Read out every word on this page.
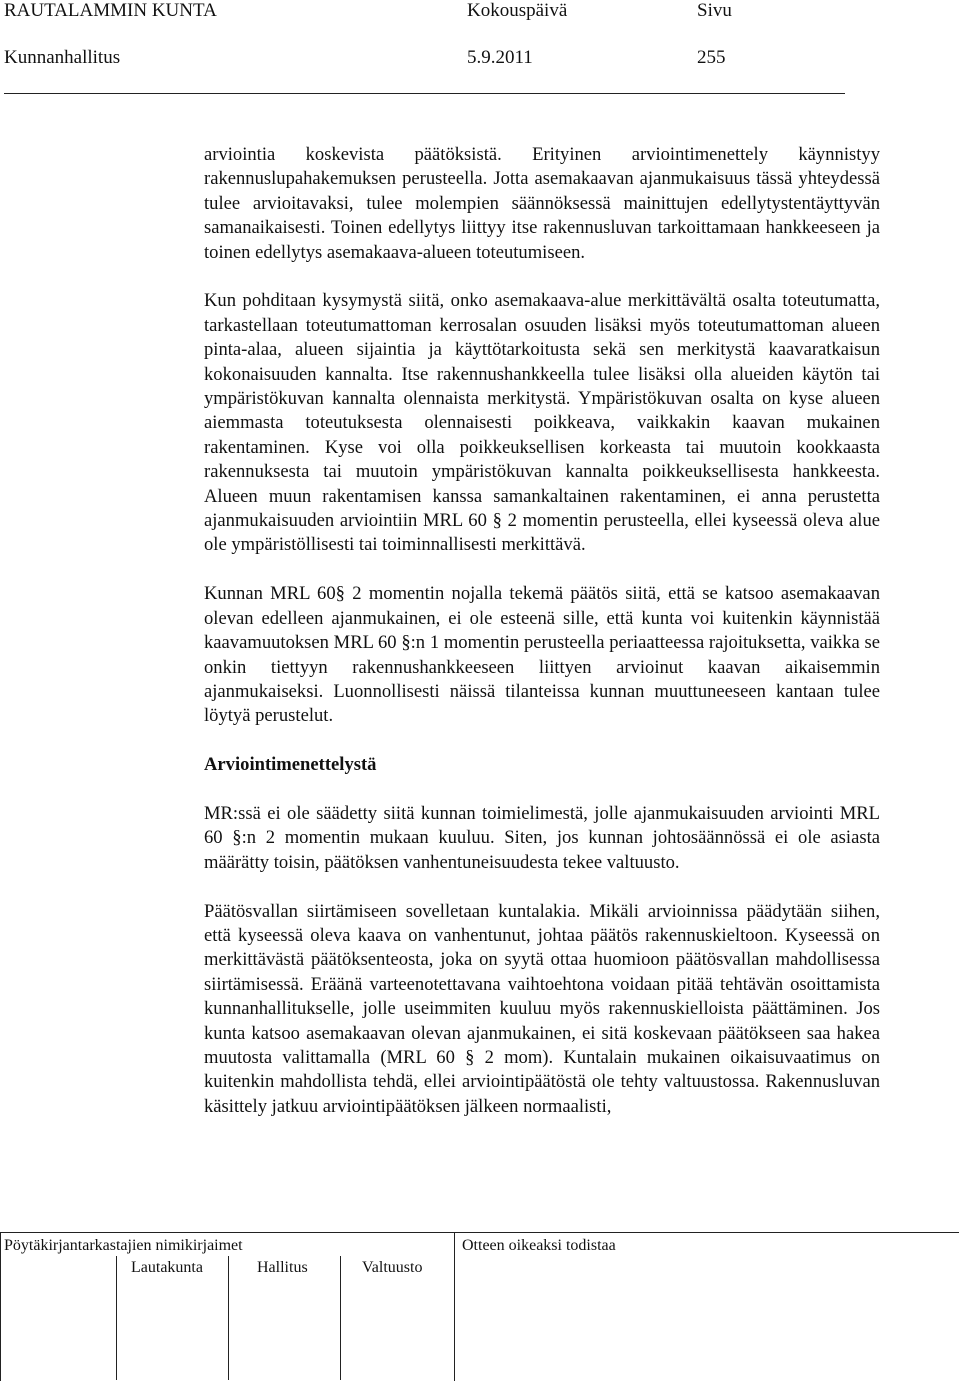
RAUTALAMMIN KUNTA	Kokouspäivä	Sivu
Kunnanhallitus	5.9.2011	255

arviointia koskevista päätöksistä. Erityinen arviointimenettely käynnistyy rakennuslupahakemuksen perusteella. Jotta asemakaavan ajanmukaisuus tässä yhteydessä tulee arvioitavaksi, tulee molempien säännöksessä mainittujen edellytystentäyttyvän samanaikaisesti. Toinen edellytys liittyy itse rakennusluvan tarkoittamaan hankkeeseen ja toinen edellytys asemakaava-alueen toteutumiseen.

Kun pohditaan kysymystä siitä, onko asemakaava-alue merkittävältä osalta toteutumatta, tarkastellaan toteutumattoman kerrosalan osuuden lisäksi myös toteutumattoman alueen pinta-alaa, alueen sijaintia ja käyttötarkoitusta sekä sen merkitystä kaavaratkaisun kokonaisuuden kannalta. Itse rakennushankkeella tulee lisäksi olla alueiden käytön tai ympäristökuvan kannalta olennaista merkitystä. Ympäristökuvan osalta on kyse alueen aiemmasta toteutuksesta olennaisesti poikkeava, vaikkakin kaavan mukainen rakentaminen. Kyse voi olla poikkeuksellisen korkeasta tai muutoin kookkaasta rakennuksesta tai muutoin ympäristökuvan kannalta poikkeuksellisesta hankkeesta. Alueen muun rakentamisen kanssa samankaltainen rakentaminen, ei anna perustetta ajanmukaisuuden arviointiin MRL 60 § 2 momentin perusteella, ellei kyseessä oleva alue ole ympäristöllisesti tai toiminnallisesti merkittävä.

Kunnan MRL 60§ 2 momentin nojalla tekemä päätös siitä, että se katsoo asemakaavan olevan edelleen ajanmukainen, ei ole esteenä sille, että kunta voi kuitenkin käynnistää kaavamuutoksen MRL 60 §:n 1 momentin perusteella periaatteessa rajoituksetta, vaikka se onkin tiettyyn rakennushankkeeseen liittyen arvioinut kaavan aikaisemmin ajanmukaiseksi. Luonnollisesti näissä tilanteissa kunnan muuttuneeseen kantaan tulee löytyä perustelut.

Arviointimenettelystä

MR:ssä ei ole säädetty siitä kunnan toimielimestä, jolle ajanmukaisuuden arviointi MRL 60 §:n 2 momentin mukaan kuuluu. Siten, jos kunnan johtosäännössä ei ole asiasta määrätty toisin, päätöksen vanhentuneisuudesta tekee valtuusto.

Päätösvallan siirtämiseen sovelletaan kuntalakia. Mikäli arvioinnissa päädytään siihen, että kyseessä oleva kaava on vanhentunut, johtaa päätös rakennuskieltoon. Kyseessä on merkittävästä päätöksenteosta, joka on syytä ottaa huomioon päätösvallan mahdollisessa siirtämisessä. Eräänä varteenotettavana vaihtoehtona voidaan pitää tehtävän osoittamista kunnanhallitukselle, jolle useimmiten kuuluu myös rakennuskielloista päättäminen. Jos kunta katsoo asemakaavan olevan ajanmukainen, ei sitä koskevaan päätökseen saa hakea muutosta valittamalla (MRL 60 § 2 mom). Kuntalain mukainen oikaisuvaatimus on kuitenkin mahdollista tehdä, ellei arviointipäätöstä ole tehty valtuustossa. Rakennusluvan käsittely jatkuu arviointipäätöksen jälkeen normaalisti,

Pöytäkirjantarkastajien nimikirjaimet	Otteen oikeaksi todistaa
Lautakunta	Hallitus	Valtuusto
